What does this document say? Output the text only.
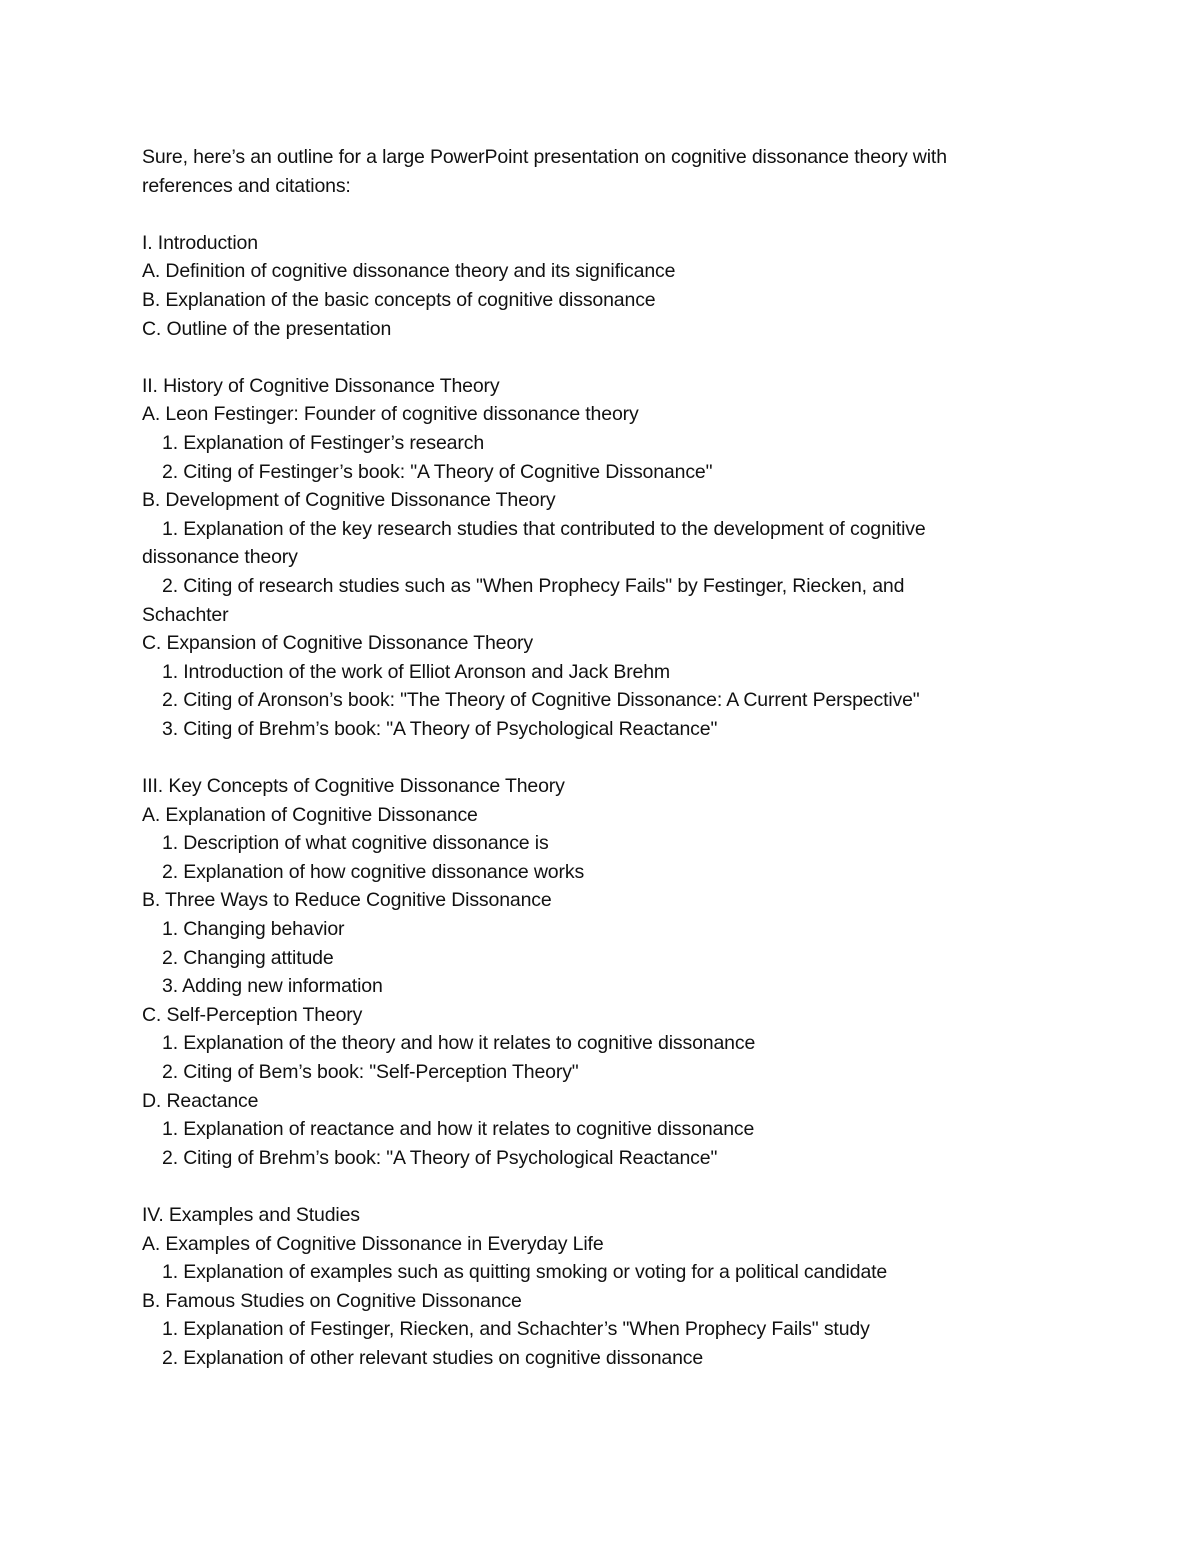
Sure, here’s an outline for a large PowerPoint presentation on cognitive dissonance theory with
references and citations:
I. Introduction
A. Definition of cognitive dissonance theory and its significance
B. Explanation of the basic concepts of cognitive dissonance
C. Outline of the presentation
II. History of Cognitive Dissonance Theory
A. Leon Festinger: Founder of cognitive dissonance theory
1. Explanation of Festinger’s research
2. Citing of Festinger’s book: "A Theory of Cognitive Dissonance"
B. Development of Cognitive Dissonance Theory
1. Explanation of the key research studies that contributed to the development of cognitive
dissonance theory
2. Citing of research studies such as "When Prophecy Fails" by Festinger, Riecken, and
Schachter
C. Expansion of Cognitive Dissonance Theory
1. Introduction of the work of Elliot Aronson and Jack Brehm
2. Citing of Aronson’s book: "The Theory of Cognitive Dissonance: A Current Perspective"
3. Citing of Brehm’s book: "A Theory of Psychological Reactance"
III. Key Concepts of Cognitive Dissonance Theory
A. Explanation of Cognitive Dissonance
1. Description of what cognitive dissonance is
2. Explanation of how cognitive dissonance works
B. Three Ways to Reduce Cognitive Dissonance
1. Changing behavior
2. Changing attitude
3. Adding new information
C. Self-Perception Theory
1. Explanation of the theory and how it relates to cognitive dissonance
2. Citing of Bem’s book: "Self-Perception Theory"
D. Reactance
1. Explanation of reactance and how it relates to cognitive dissonance
2. Citing of Brehm’s book: "A Theory of Psychological Reactance"
IV. Examples and Studies
A. Examples of Cognitive Dissonance in Everyday Life
1. Explanation of examples such as quitting smoking or voting for a political candidate
B. Famous Studies on Cognitive Dissonance
1. Explanation of Festinger, Riecken, and Schachter’s "When Prophecy Fails" study
2. Explanation of other relevant studies on cognitive dissonance
